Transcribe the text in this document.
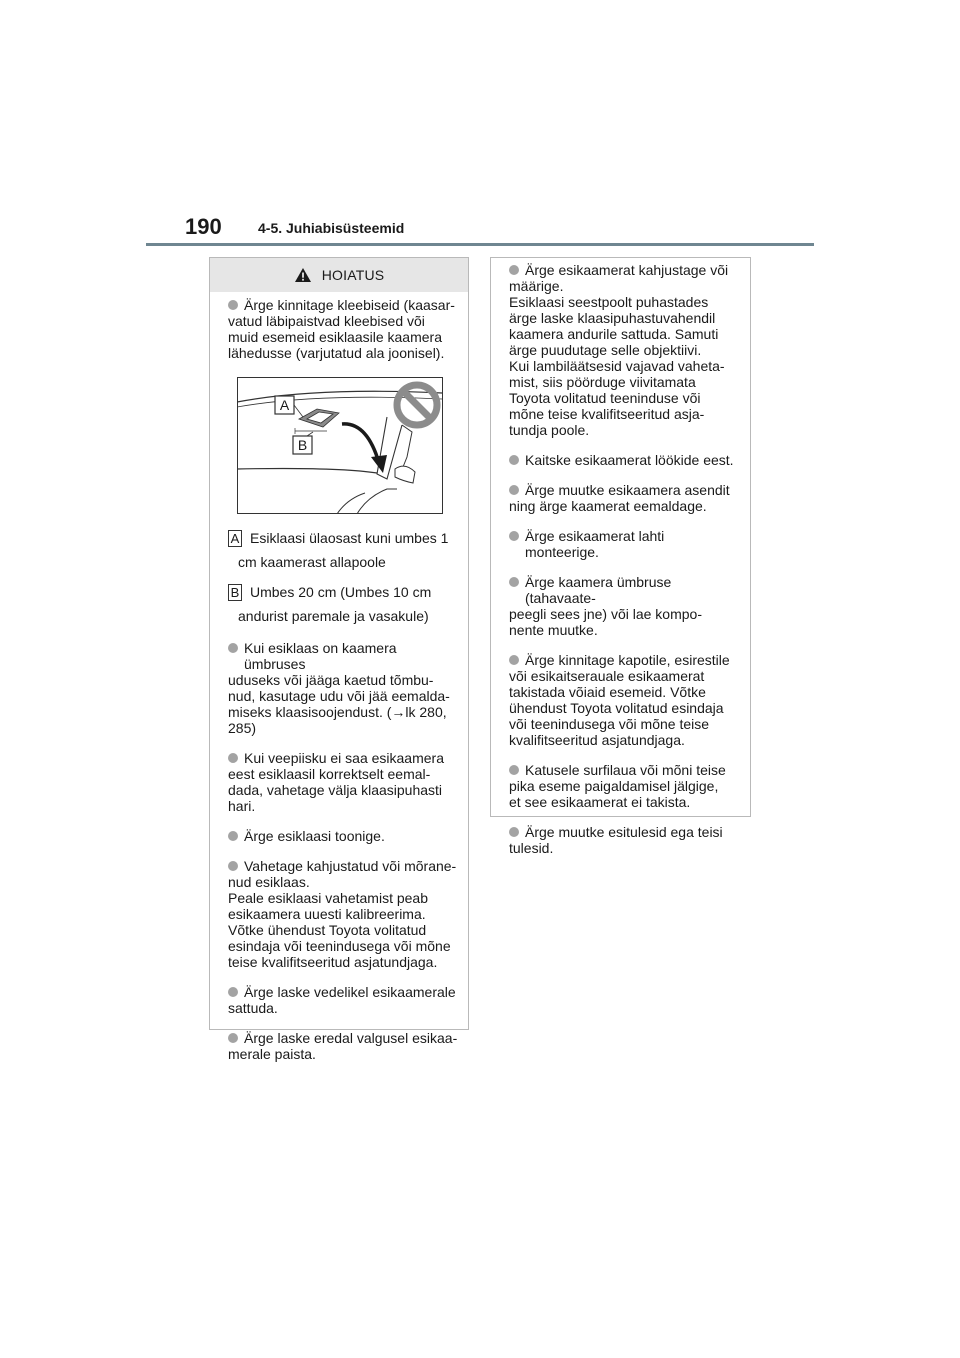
190	4-5. Juhiabisüsteemid
HOIATUS
Ärge kinnitage kleebiseid (kaasar-
vatud läbipaistvad kleebised või
muid esemeid esiklaasile kaamera
lähedusse (varjutatud ala joonisel).
A
B
A Esiklaasi ülaosast kuni umbes 1
cm kaamerast allapoole
B Umbes 20 cm (Umbes 10 cm
andurist paremale ja vasakule)
Kui esiklaas on kaamera ümbruses
uduseks või jääga kaetud tõmbu-
nud, kasutage udu või jää eemalda-
miseks klaasisoojendust. (→lk 280,
285)
Kui veepiisku ei saa esikaamera
eest esiklaasil korrektselt eemal-
dada, vahetage välja klaasipuhasti
hari.
Ärge esiklaasi toonige.
Vahetage kahjustatud või mõrane-
nud esiklaas.
Peale esiklaasi vahetamist peab
esikaamera uuesti kalibreerima.
Võtke ühendust Toyota volitatud
esindaja või teenindusega või mõne
teise kvalifitseeritud asjatundjaga.
Ärge laske vedelikel esikaamerale
sattuda.
Ärge laske eredal valgusel esikaa-
merale paista.
Ärge esikaamerat kahjustage või
määrige.
Esiklaasi seestpoolt puhastades
ärge laske klaasipuhastuvahendil
kaamera andurile sattuda. Samuti
ärge puudutage selle objektiivi.
Kui lambiläätsesid vajavad vaheta-
mist, siis pöörduge viivitamata
Toyota volitatud teeninduse või
mõne teise kvalifitseeritud asja-
tundja poole.
Kaitske esikaamerat löökide eest.
Ärge muutke esikaamera asendit
ning ärge kaamerat eemaldage.
Ärge esikaamerat lahti monteerige.
Ärge kaamera ümbruse (tahavaate-
peegli sees jne) või lae kompo-
nente muutke.
Ärge kinnitage kapotile, esirestile
või esikaitserauale esikaamerat
takistada võiaid esemeid. Võtke
ühendust Toyota volitatud esindaja
või teenindusega või mõne teise
kvalifitseeritud asjatundjaga.
Katusele surfilaua või mõni teise
pika eseme paigaldamisel jälgige,
et see esikaamerat ei takista.
Ärge muutke esitulesid ega teisi
tulesid.
